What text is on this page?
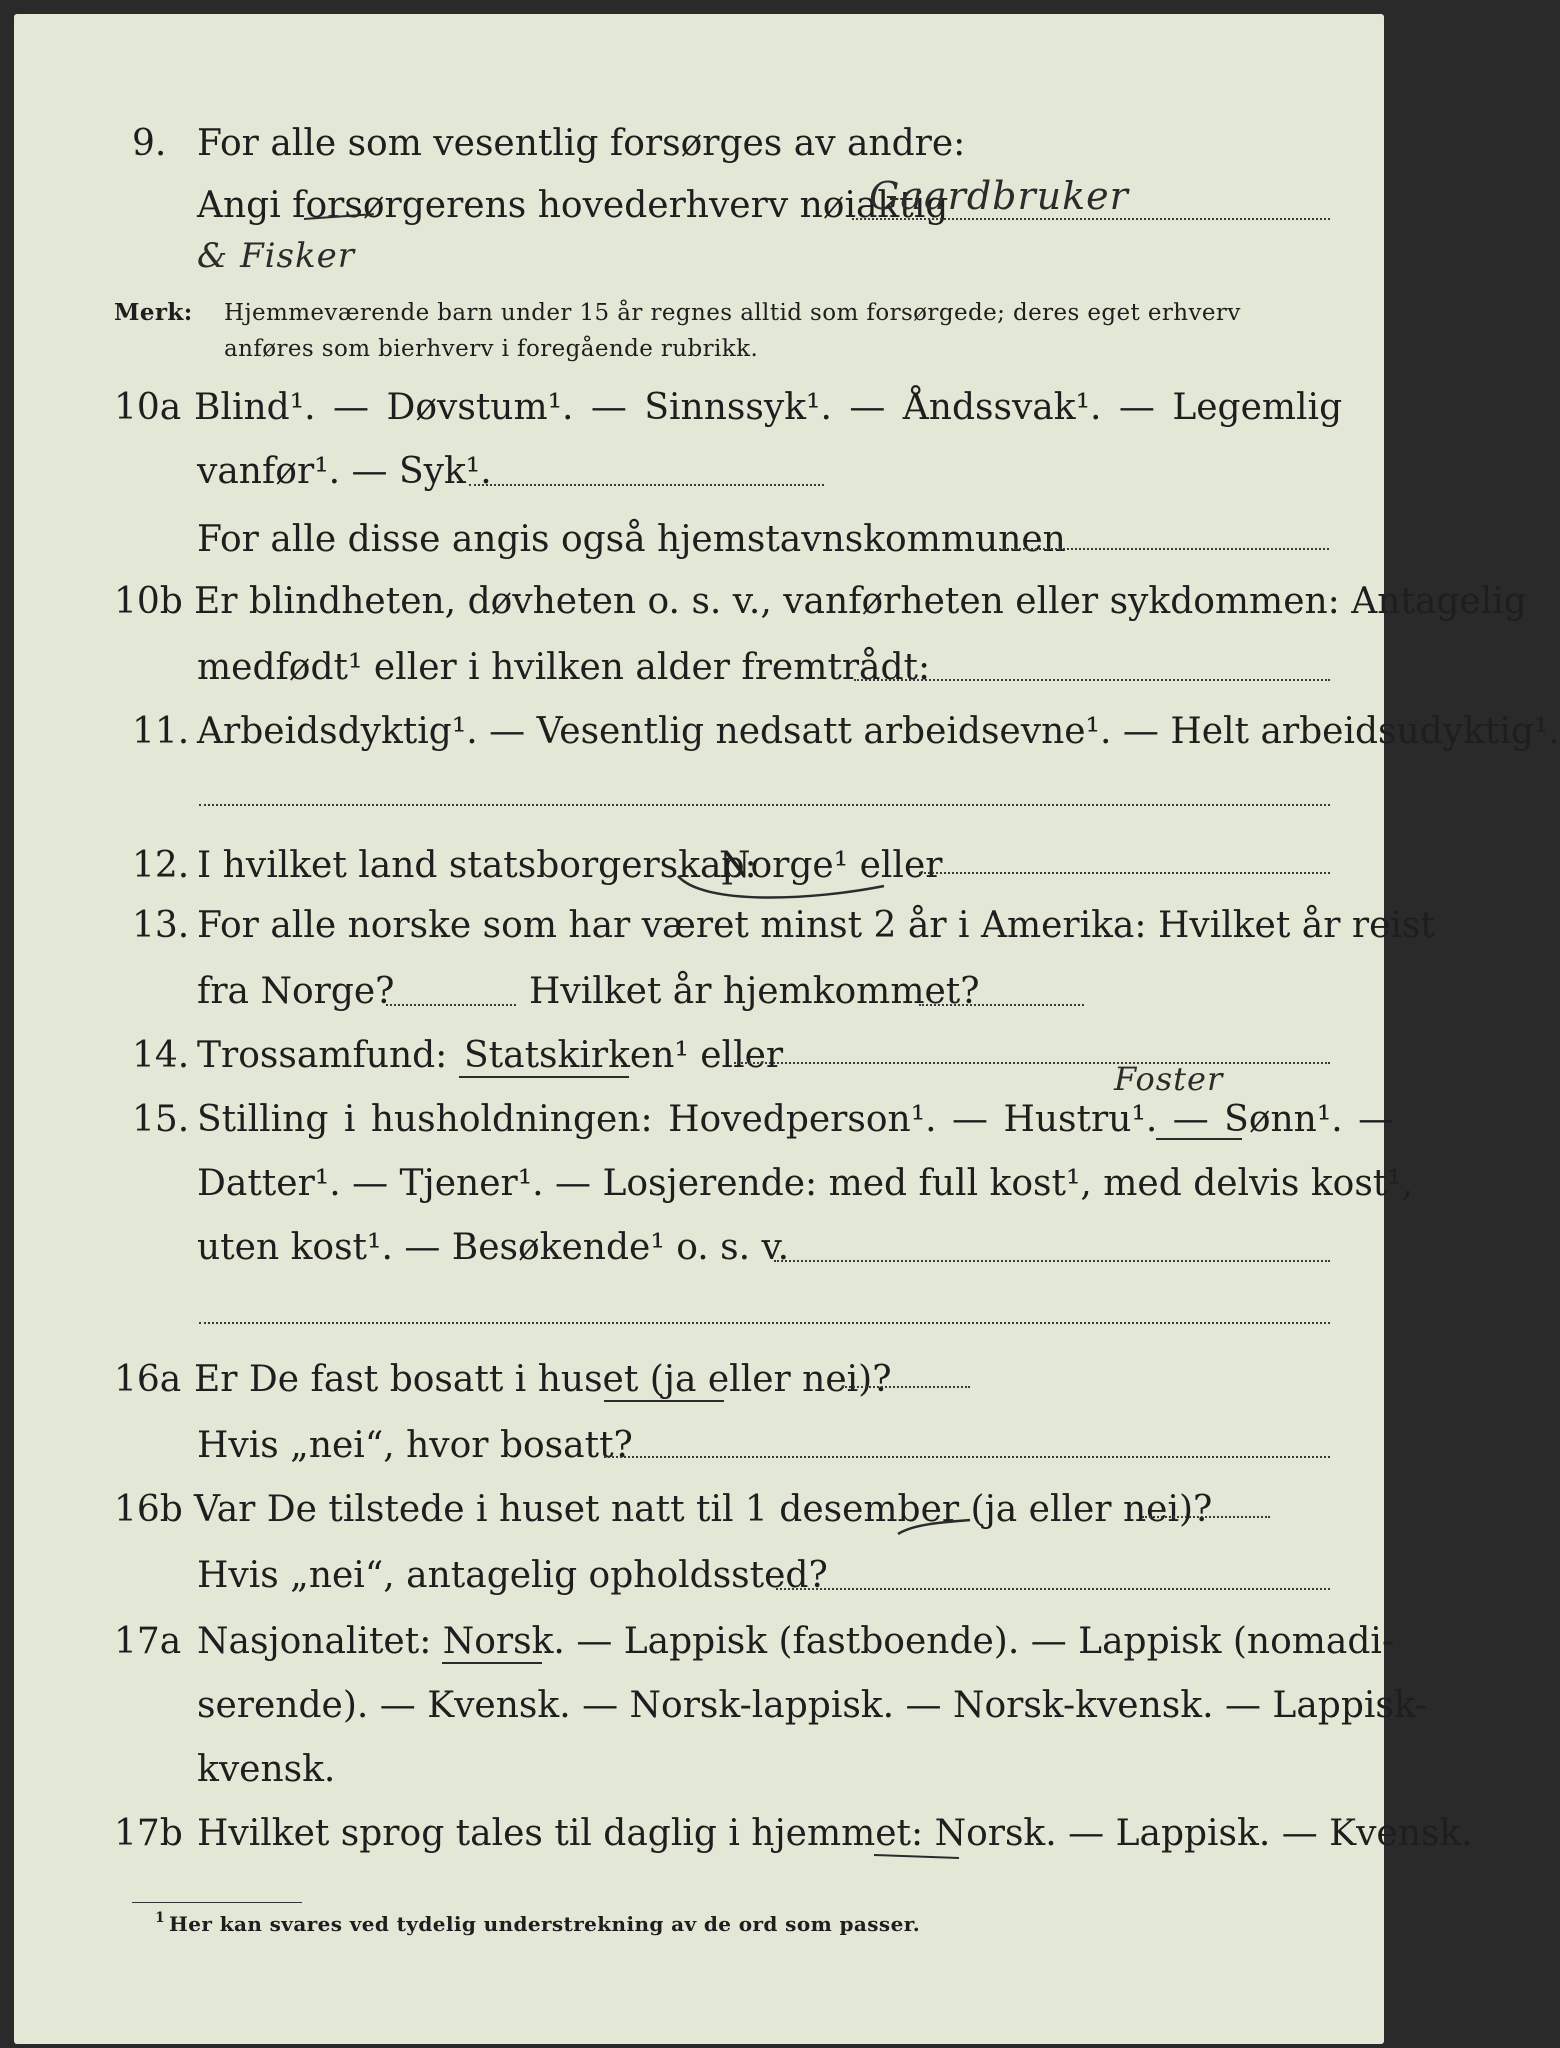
9. For alle som vesentlig forsørges av andre:
Angi forsørgerens hovederhverv nøiaktig
Gaardbruker
& Fisker
Merk: Hjemmeværende barn under 15 år regnes alltid som forsørgede; deres eget erhverv
anføres som bierhverv i foregående rubrikk.
10a Blind¹. — Døvstum¹. — Sinnssyk¹. — Åndssvak¹. — Legemlig
vanfør¹. — Syk¹.
For alle disse angis også hjemstavnskommunen
10b Er blindheten, døvheten o. s. v., vanførheten eller sykdommen: Antagelig
medfødt¹ eller i hvilken alder fremtrådt:
11. Arbeidsdyktig¹. — Vesentlig nedsatt arbeidsevne¹. — Helt arbeidsudyktig¹.
12. I hvilket land statsborgerskap:
Norge¹ eller
13. For alle norske som har været minst 2 år i Amerika: Hvilket år reist
fra Norge?	Hvilket år hjemkommet?
14. Trossamfund: Statskirken¹ eller
15. Stilling i husholdningen: Hovedperson¹. — Hustru¹. — Sønn¹. —
Foster
Datter¹. — Tjener¹. — Losjerende: med full kost¹, med delvis kost¹,
uten kost¹. — Besøkende¹ o. s. v.
16a Er De fast bosatt i huset (ja eller nei)?
Hvis „nei“, hvor bosatt?
16b Var De tilstede i huset natt til 1 desember (ja eller nei)?
Hvis „nei“, antagelig opholdssted?
17a Nasjonalitet: Norsk. — Lappisk (fastboende). — Lappisk (nomadi-
serende). — Kvensk. — Norsk-lappisk. — Norsk-kvensk. — Lappisk-
kvensk.
17b Hvilket sprog tales til daglig i hjemmet: Norsk. — Lappisk. — Kvensk.
1 Her kan svares ved tydelig understrekning av de ord som passer.
